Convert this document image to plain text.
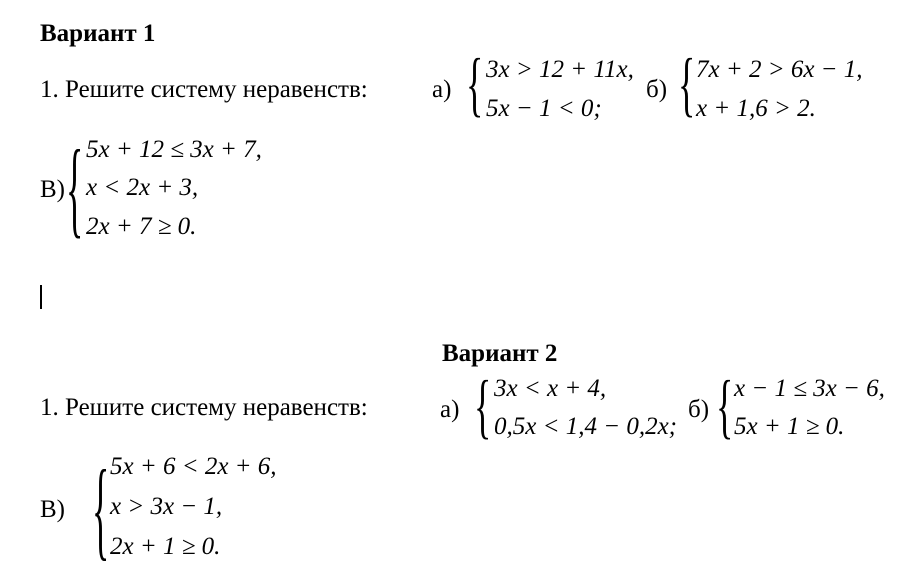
Вариант 1
1. Решите систему неравенств:	а) { 3x > 12 + 11x,
5x − 1 < 0;
б) { 7x + 2 > 6x − 1,
x + 1,6 > 2.
В) { 5x + 12 ≤ 3x + 7,
x < 2x + 3,
2x + 7 ≥ 0.
Вариант 2
1. Решите систему неравенств:	а) { 3x < x + 4,
0,5x < 1,4 − 0,2x;
б) { x − 1 ≤ 3x − 6,
5x + 1 ≥ 0.
В) { 5x + 6 < 2x + 6,
x > 3x − 1,
2x + 1 ≥ 0.
